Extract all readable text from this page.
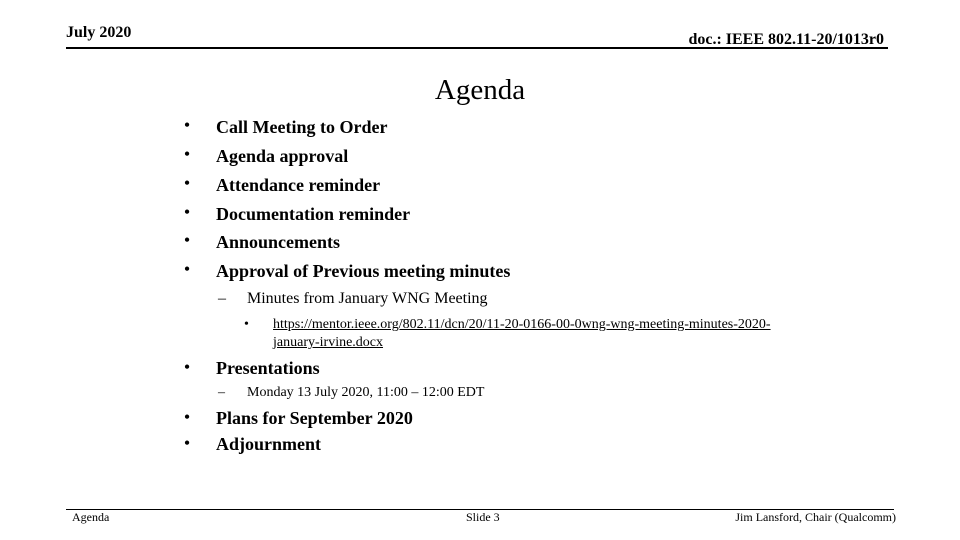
July 2020	doc.: IEEE 802.11-20/1013r0
Agenda
• Call Meeting to Order
• Agenda approval
• Attendance reminder
• Documentation reminder
• Announcements
• Approval of Previous meeting minutes
– Minutes from January WNG Meeting
• https://mentor.ieee.org/802.11/dcn/20/11-20-0166-00-0wng-wng-meeting-minutes-2020-january-irvine.docx
• Presentations
– Monday 13 July 2020, 11:00 – 12:00 EDT
• Plans for September 2020
• Adjournment
Agenda	Slide 3	Jim Lansford, Chair (Qualcomm)
